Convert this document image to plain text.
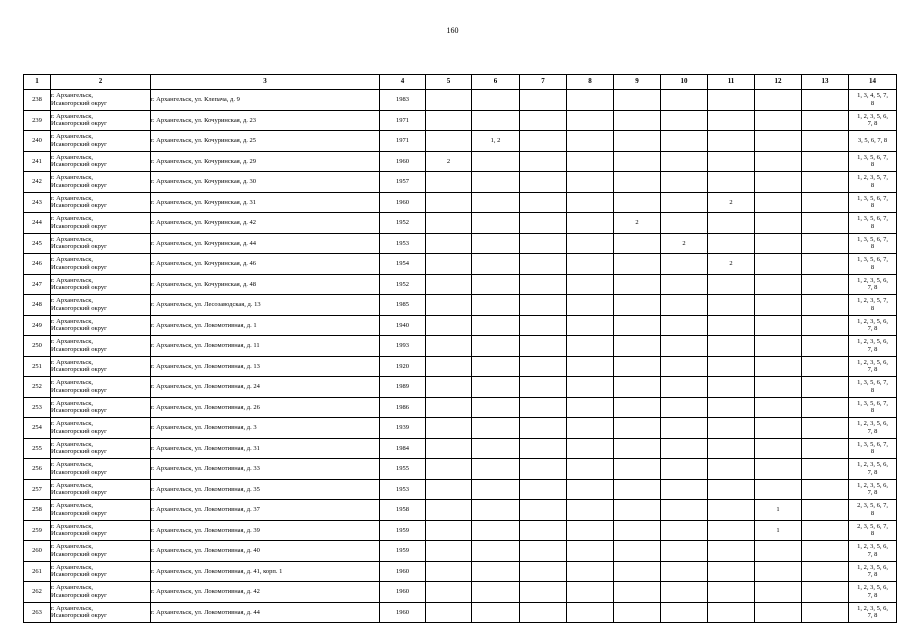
160
1	2	3	4	5	6	7	8	9	10	11	12	13	14
238	г. Архангельск,
Исакогорский округ	г. Архангельск, ул. Клепача, д. 9	1983										1, 3, 4, 5, 7,
8

239	г. Архангельск,
Исакогорский округ	г. Архангельск, ул. Кочуринская, д. 23	1971										1, 2, 3, 5, 6,
7, 8

240	г. Архангельск,
Исакогорский округ	г. Архангельск, ул. Кочуринская, д. 25	1971		1, 2								3, 5, 6, 7, 8

241	г. Архангельск,
Исакогорский округ	г. Архангельск, ул. Кочуринская, д. 29	1960	2									1, 3, 5, 6, 7,
8

242	г. Архангельск,
Исакогорский округ	г. Архангельск, ул. Кочуринская, д. 30	1957										1, 2, 3, 5, 7,
8

243	г. Архангельск,
Исакогорский округ	г. Архангельск, ул. Кочуринская, д. 31	1960							2			1, 3, 5, 6, 7,
8

244	г. Архангельск,
Исакогорский округ	г. Архангельск, ул. Кочуринская, д. 42	1952					2					1, 3, 5, 6, 7,
8

245	г. Архангельск,
Исакогорский округ	г. Архангельск, ул. Кочуринская, д. 44	1953						2				1, 3, 5, 6, 7,
8

246	г. Архангельск,
Исакогорский округ	г. Архангельск, ул. Кочуринская, д. 46	1954							2			1, 3, 5, 6, 7,
8

247	г. Архангельск,
Исакогорский округ	г. Архангельск, ул. Кочуринская, д. 48	1952										1, 2, 3, 5, 6,
7, 8

248	г. Архангельск,
Исакогорский округ	г. Архангельск, ул. Лесозаводская, д. 13	1985										1, 2, 3, 5, 7,
8

249	г. Архангельск,
Исакогорский округ	г. Архангельск, ул. Локомотивная, д. 1	1940										1, 2, 3, 5, 6,
7, 8

250	г. Архангельск,
Исакогорский округ	г. Архангельск, ул. Локомотивная, д. 11	1993										1, 2, 3, 5, 6,
7, 8

251	г. Архангельск,
Исакогорский округ	г. Архангельск, ул. Локомотивная, д. 13	1920										1, 2, 3, 5, 6,
7, 8

252	г. Архангельск,
Исакогорский округ	г. Архангельск, ул. Локомотивная, д. 24	1989										1, 3, 5, 6, 7,
8

253	г. Архангельск,
Исакогорский округ	г. Архангельск, ул. Локомотивная, д. 26	1986										1, 3, 5, 6, 7,
8

254	г. Архангельск,
Исакогорский округ	г. Архангельск, ул. Локомотивная, д. 3	1939										1, 2, 3, 5, 6,
7, 8

255	г. Архангельск,
Исакогорский округ	г. Архангельск, ул. Локомотивная, д. 31	1984										1, 3, 5, 6, 7,
8

256	г. Архангельск,
Исакогорский округ	г. Архангельск, ул. Локомотивная, д. 33	1955										1, 2, 3, 5, 6,
7, 8

257	г. Архангельск,
Исакогорский округ	г. Архангельск, ул. Локомотивная, д. 35	1953										1, 2, 3, 5, 6,
7, 8

258	г. Архангельск,
Исакогорский округ	г. Архангельск, ул. Локомотивная, д. 37	1958								1		2, 3, 5, 6, 7,
8

259	г. Архангельск,
Исакогорский округ	г. Архангельск, ул. Локомотивная, д. 39	1959								1		2, 3, 5, 6, 7,
8

260	г. Архангельск,
Исакогорский округ	г. Архангельск, ул. Локомотивная, д. 40	1959										1, 2, 3, 5, 6,
7, 8

261	г. Архангельск,
Исакогорский округ	г. Архангельск, ул. Локомотивная, д. 41, корп. 1	1960										1, 2, 3, 5, 6,
7, 8

262	г. Архангельск,
Исакогорский округ	г. Архангельск, ул. Локомотивная, д. 42	1960										1, 2, 3, 5, 6,
7, 8

263	г. Архангельск,
Исакогорский округ	г. Архангельск, ул. Локомотивная, д. 44	1960										1, 2, 3, 5, 6,
7, 8
